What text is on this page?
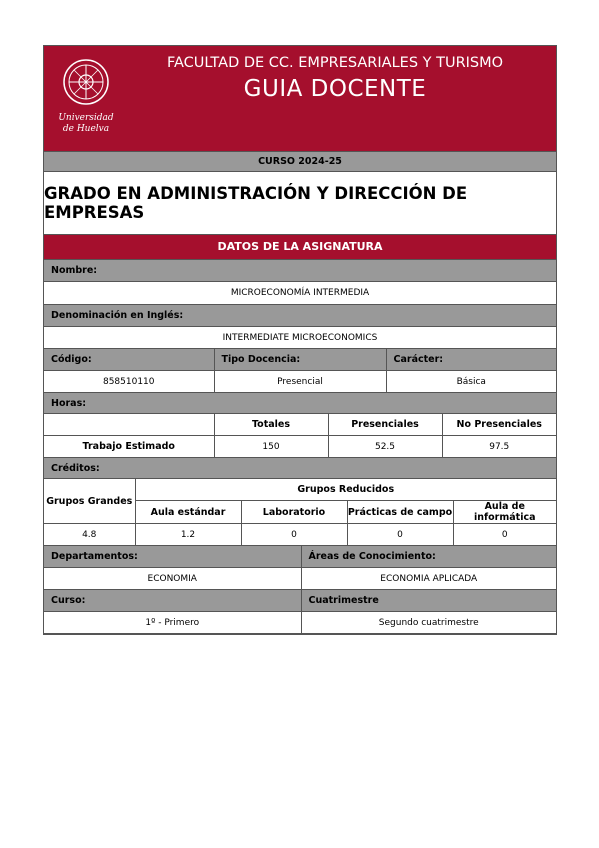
Universidad
de Huelva
FACULTAD DE CC. EMPRESARIALES Y TURISMO
GUIA DOCENTE
CURSO 2024-25
GRADO EN ADMINISTRACIÓN Y DIRECCIÓN DE EMPRESAS
DATOS DE LA ASIGNATURA
Nombre:
MICROECONOMÍA INTERMEDIA
Denominación en Inglés:
INTERMEDIATE MICROECONOMICS
Código:	Tipo Docencia:	Carácter:
858510110	Presencial	Básica
Horas:
	Totales	Presenciales	No Presenciales
Trabajo Estimado	150	52.5	97.5
Créditos:
Grupos Grandes	Grupos Reducidos			
	Aula estándar	Laboratorio	Prácticas de campo	Aula de informática
4.8	1.2	0	0	0
Departamentos:	Áreas de Conocimiento:
ECONOMIA	ECONOMIA APLICADA
Curso:	Cuatrimestre
1º - Primero	Segundo cuatrimestre
